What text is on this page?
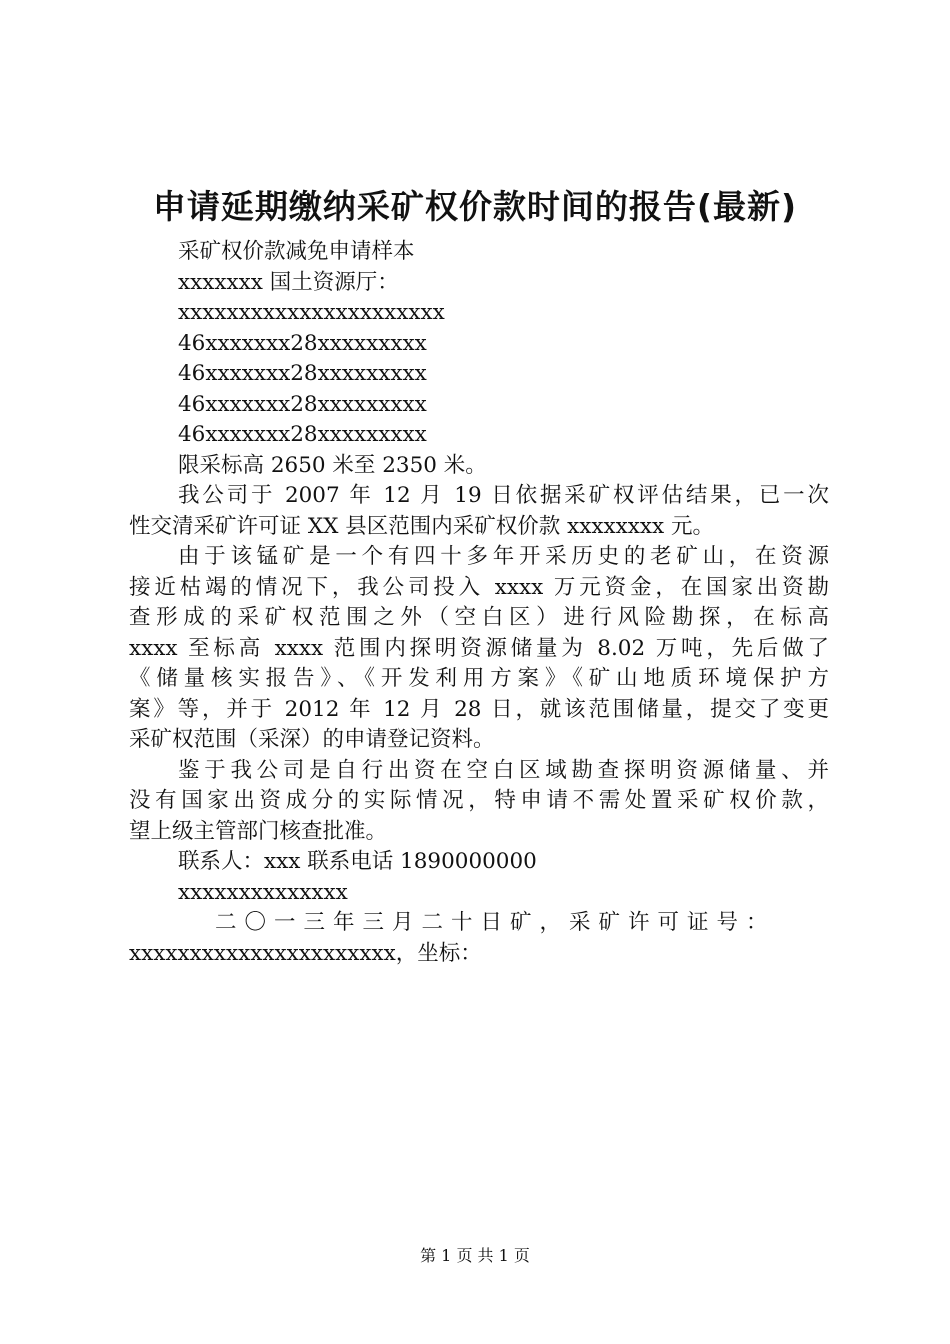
申请延期缴纳采矿权价款时间的报告(最新)
采矿权价款减免申请样本
xxxxxxx 国土资源厅：
xxxxxxxxxxxxxxxxxxxxxx
46xxxxxxx28xxxxxxxxx
46xxxxxxx28xxxxxxxxx
46xxxxxxx28xxxxxxxxx
46xxxxxxx28xxxxxxxxx
限采标高 2650 米至 2350 米。
我公司于 2007 年 12 月 19 日依据采矿权评估结果，已一次
性交清采矿许可证 XX 县区范围内采矿权价款 xxxxxxxx 元。
由于该锰矿是一个有四十多年开采历史的老矿山，在资源
接近枯竭的情况下，我公司投入 xxxx 万元资金，在国家出资勘
查形成的采矿权范围之外（空白区）进行风险勘探，在标高
xxxx 至标高 xxxx 范围内探明资源储量为 8.02 万吨，先后做了
《储量核实报告》、《开发利用方案》《矿山地质环境保护方
案》等，并于 2012 年 12 月 28 日，就该范围储量，提交了变更
采矿权范围（采深）的申请登记资料。
鉴于我公司是自行出资在空白区域勘查探明资源储量、并
没有国家出资成分的实际情况，特申请不需处置采矿权价款，
望上级主管部门核查批准。
联系人：xxx 联系电话 1890000000
xxxxxxxxxxxxxx
二〇一三年三月二十日矿，采矿许可证号：
xxxxxxxxxxxxxxxxxxxxxx，坐标：
第 1 页 共 1 页
